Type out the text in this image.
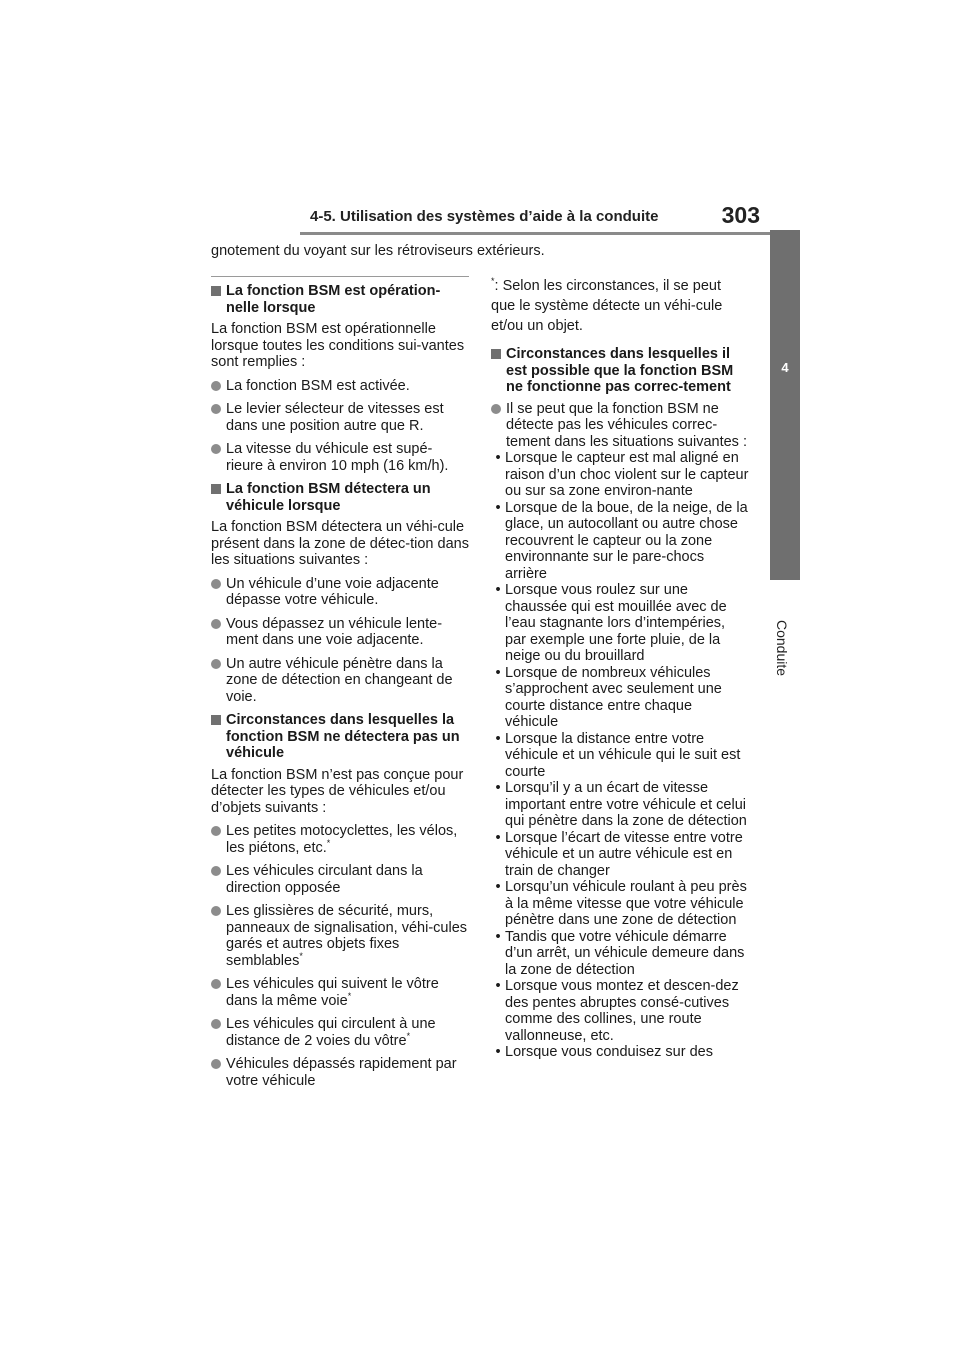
4-5. Utilisation des systèmes d’aide à la conduite	303
4
Conduite
gnotement du voyant sur les rétroviseurs extérieurs.
La fonction BSM est opération-nelle lorsque
La fonction BSM est opérationnelle lorsque toutes les conditions sui-vantes sont remplies :
La fonction BSM est activée.
Le levier sélecteur de vitesses est dans une position autre que R.
La vitesse du véhicule est supé-rieure à environ 10 mph (16 km/h).
La fonction BSM détectera un véhicule lorsque
La fonction BSM détectera un véhi-cule présent dans la zone de détec-tion dans les situations suivantes :
Un véhicule d’une voie adjacente dépasse votre véhicule.
Vous dépassez un véhicule lente-ment dans une voie adjacente.
Un autre véhicule pénètre dans la zone de détection en changeant de voie.
Circonstances dans lesquelles la fonction BSM ne détectera pas un véhicule
La fonction BSM n’est pas conçue pour détecter les types de véhicules et/ou d’objets suivants :
Les petites motocyclettes, les vélos, les piétons, etc.*
Les véhicules circulant dans la direction opposée
Les glissières de sécurité, murs, panneaux de signalisation, véhi-cules garés et autres objets fixes semblables*
Les véhicules qui suivent le vôtre dans la même voie*
Les véhicules qui circulent à une distance de 2 voies du vôtre*
Véhicules dépassés rapidement par votre véhicule
*: Selon les circonstances, il se peut que le système détecte un véhi-cule et/ou un objet.
Circonstances dans lesquelles il est possible que la fonction BSM ne fonctionne pas correc-tement
Il se peut que la fonction BSM ne détecte pas les véhicules correc-tement dans les situations suivantes :
• Lorsque le capteur est mal aligné en raison d’un choc violent sur le capteur ou sur sa zone environ-nante
• Lorsque de la boue, de la neige, de la glace, un autocollant ou autre chose recouvrent le capteur ou la zone environnante sur le pare-chocs arrière
• Lorsque vous roulez sur une chaussée qui est mouillée avec de l’eau stagnante lors d’intempéries, par exemple une forte pluie, de la neige ou du brouillard
• Lorsque de nombreux véhicules s’approchent avec seulement une courte distance entre chaque véhicule
• Lorsque la distance entre votre véhicule et un véhicule qui le suit est courte
• Lorsqu’il y a un écart de vitesse important entre votre véhicule et celui qui pénètre dans la zone de détection
• Lorsque l’écart de vitesse entre votre véhicule et un autre véhicule est en train de changer
• Lorsqu’un véhicule roulant à peu près à la même vitesse que votre véhicule pénètre dans une zone de détection
• Tandis que votre véhicule démarre d’un arrêt, un véhicule demeure dans la zone de détection
• Lorsque vous montez et descen-dez des pentes abruptes consé-cutives comme des collines, une route vallonneuse, etc.
• Lorsque vous conduisez sur des
